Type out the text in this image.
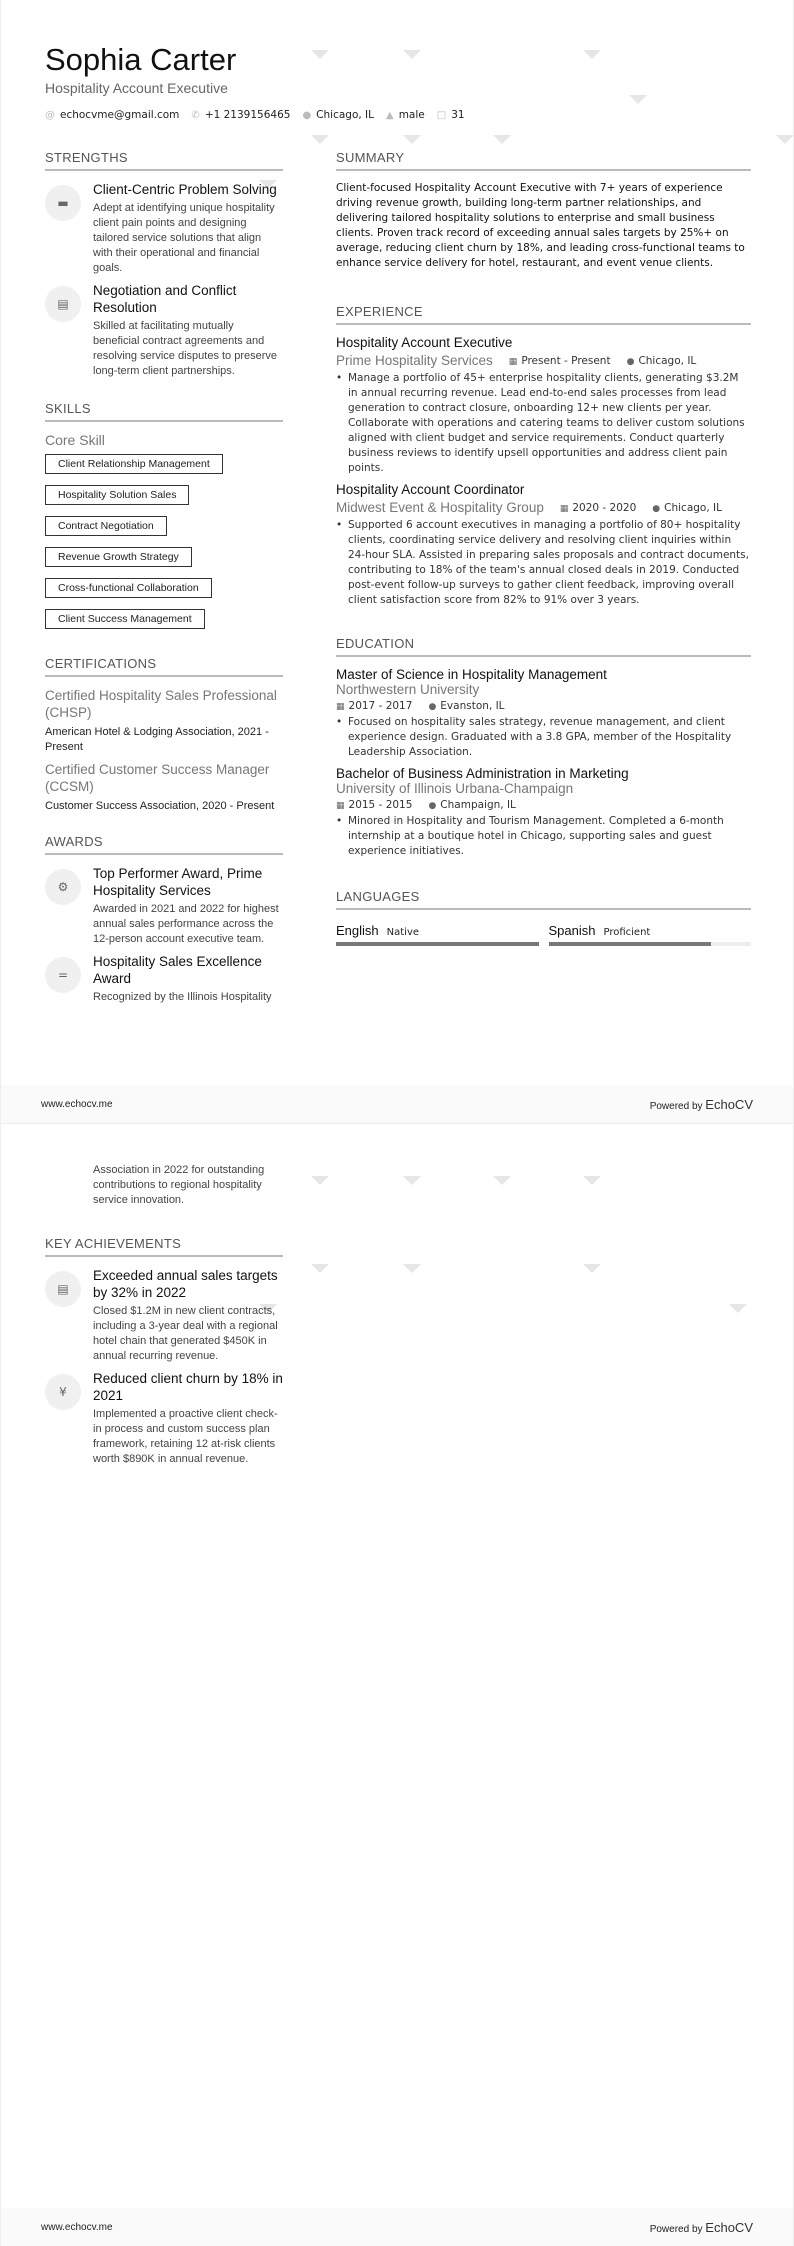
Sophia Carter
Hospitality Account Executive
@ echocvme@gmail.com ✆ +1 2139156465 ● Chicago, IL ▲ male □ 31
STRENGTHS
▬
Client-Centric Problem Solving
Adept at identifying unique hospitality client pain points and designing tailored service solutions that align with their operational and financial goals.
▤
Negotiation and Conflict Resolution
Skilled at facilitating mutually beneficial contract agreements and resolving service disputes to preserve long-term client partnerships.
SKILLS
Core Skill
Client Relationship Management
Hospitality Solution Sales
Contract Negotiation
Revenue Growth Strategy
Cross-functional Collaboration
Client Success Management
CERTIFICATIONS
Certified Hospitality Sales Professional (CHSP)
American Hotel & Lodging Association, 2021 - Present
Certified Customer Success Manager (CCSM)
Customer Success Association, 2020 - Present
AWARDS
⚙
Top Performer Award, Prime Hospitality Services
Awarded in 2021 and 2022 for highest annual sales performance across the 12-person account executive team.
=
Hospitality Sales Excellence Award
Recognized by the Illinois Hospitality
SUMMARY
Client-focused Hospitality Account Executive with 7+ years of experience driving revenue growth, building long-term partner relationships, and delivering tailored hospitality solutions to enterprise and small business clients. Proven track record of exceeding annual sales targets by 25%+ on average, reducing client churn by 18%, and leading cross-functional teams to enhance service delivery for hotel, restaurant, and event venue clients.
EXPERIENCE
Hospitality Account Executive
Prime Hospitality Services ▦ Present - Present ● Chicago, IL
• Manage a portfolio of 45+ enterprise hospitality clients, generating $3.2M in annual recurring revenue. Lead end-to-end sales processes from lead generation to contract closure, onboarding 12+ new clients per year. Collaborate with operations and catering teams to deliver custom solutions aligned with client budget and service requirements. Conduct quarterly business reviews to identify upsell opportunities and address client pain points.
Hospitality Account Coordinator
Midwest Event & Hospitality Group ▦ 2020 - 2020 ● Chicago, IL
• Supported 6 account executives in managing a portfolio of 80+ hospitality clients, coordinating service delivery and resolving client inquiries within 24-hour SLA. Assisted in preparing sales proposals and contract documents, contributing to 18% of the team's annual closed deals in 2019. Conducted post-event follow-up surveys to gather client feedback, improving overall client satisfaction score from 82% to 91% over 3 years.
EDUCATION
Master of Science in Hospitality Management
Northwestern University
▦ 2017 - 2017 ● Evanston, IL
• Focused on hospitality sales strategy, revenue management, and client experience design. Graduated with a 3.8 GPA, member of the Hospitality Leadership Association.
Bachelor of Business Administration in Marketing
University of Illinois Urbana-Champaign
▦ 2015 - 2015 ● Champaign, IL
• Minored in Hospitality and Tourism Management. Completed a 6-month internship at a boutique hotel in Chicago, supporting sales and guest experience initiatives.
LANGUAGES
English Native	Spanish Proficient
www.echocv.me	Powered by EchoCV
Association in 2022 for outstanding contributions to regional hospitality service innovation.
KEY ACHIEVEMENTS
▤
Exceeded annual sales targets by 32% in 2022
Closed $1.2M in new client contracts, including a 3-year deal with a regional hotel chain that generated $450K in annual recurring revenue.
¥
Reduced client churn by 18% in 2021
Implemented a proactive client check-in process and custom success plan framework, retaining 12 at-risk clients worth $890K in annual revenue.
www.echocv.me	Powered by EchoCV
